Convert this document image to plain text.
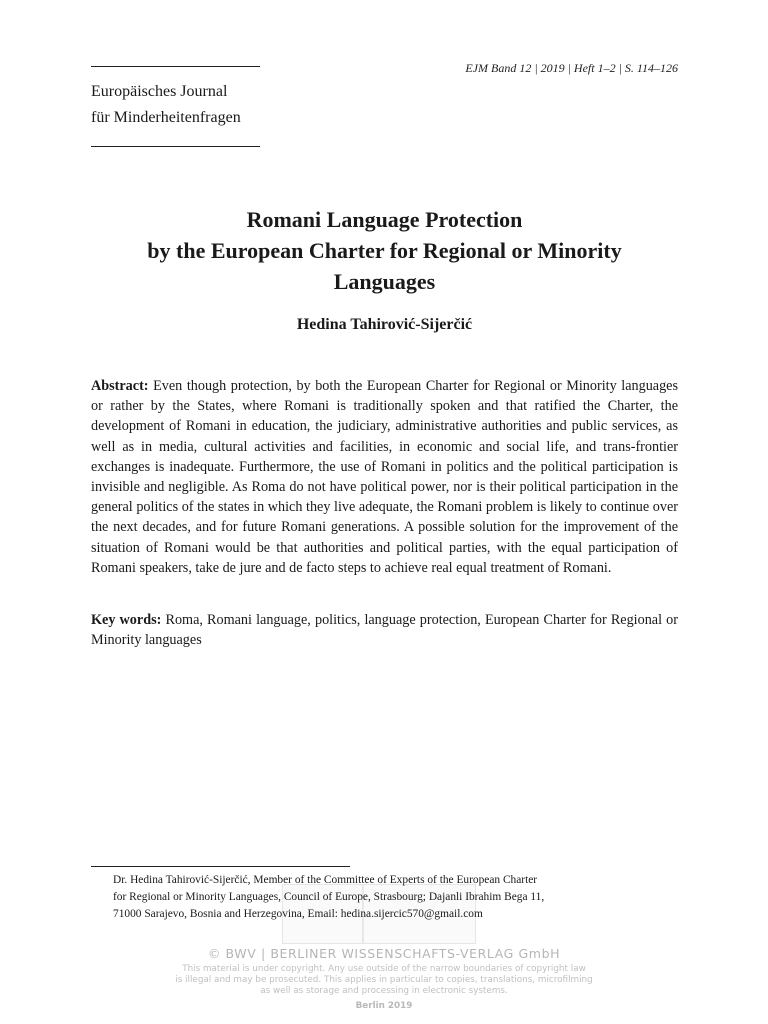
Europäisches Journal
für Minderheitenfragen
EJM Band 12 | 2019 | Heft 1–2 | S. 114–126
Romani Language Protection
by the European Charter for Regional or Minority
Languages
Hedina Tahirović-Sijerčić
Abstract: Even though protection, by both the European Charter for Regional or Minority languages or rather by the States, where Romani is traditionally spoken and that ratified the Charter, the development of Romani in education, the judiciary, administrative authorities and public services, as well as in media, cultural activities and facilities, in economic and social life, and trans-frontier exchanges is inadequate. Furthermore, the use of Romani in politics and the political participation is invisible and negligible. As Roma do not have political power, nor is their political participation in the general politics of the states in which they live adequate, the Romani problem is likely to continue over the next decades, and for future Romani generations. A possible solution for the improvement of the situation of Romani would be that authorities and political parties, with the equal participation of Romani speakers, take de jure and de facto steps to achieve real equal treatment of Romani.
Key words: Roma, Romani language, politics, language protection, European Charter for Regional or Minority languages
Dr. Hedina Tahirović-Sijerčić, Member of the Committee of Experts of the European Charter
for Regional or Minority Languages, Council of Europe, Strasbourg; Dajanli Ibrahim Bega 11,
71000 Sarajevo, Bosnia and Herzegovina, Email: hedina.sijercic570@gmail.com
© BWV | BERLINER WISSENSCHAFTS-VERLAG GmbH
This material is under copyright. Any use outside of the narrow boundaries of copyright law
is illegal and may be prosecuted. This applies in particular to copies, translations, microfilming
as well as storage and processing in electronic systems.
Berlin 2019
